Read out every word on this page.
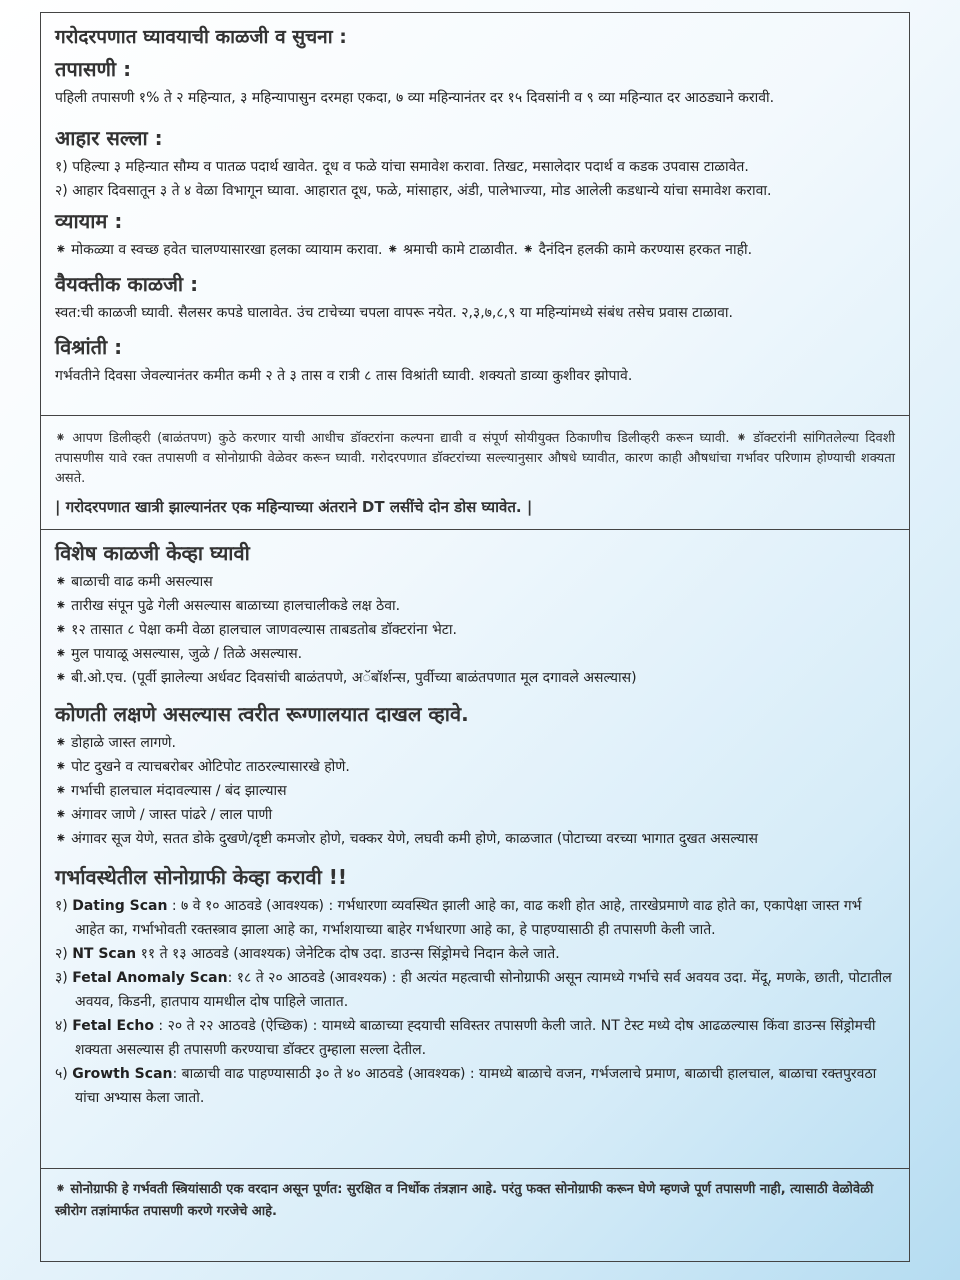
गरोदरपणात घ्यावयाची काळजी व सुचना :
तपासणी :

पहिली तपासणी १% ते २ महिन्यात, ३ महिन्यापासुन दरमहा एकदा, ७ व्या महिन्यानंतर दर १५ दिवसांनी व ९ व्या महिन्यात दर आठड्याने करावी.

आहार सल्ला :
१) पहिल्या ३ महिन्यात सौम्य व पातळ पदार्थ खावेत. दूध व फळे यांचा समावेश करावा. तिखट, मसालेदार पदार्थ व कडक उपवास टाळावेत.
२) आहार दिवसातून ३ ते ४ वेळा विभागून घ्यावा. आहारात दूध, फळे, मांसाहार, अंडी, पालेभाज्या, मोड आलेली कडधान्ये यांचा समावेश करावा.
व्यायाम :

⁕ मोकळ्या व स्वच्छ हवेत चालण्यासारखा हलका व्यायाम करावा. ⁕ श्रमाची कामे टाळावीत. ⁕ दैनंदिन हलकी कामे करण्यास हरकत नाही.

वैयक्तीक काळजी :

स्वत:ची काळजी घ्यावी. सैलसर कपडे घालावेत. उंच टाचेच्या चपला वापरू नयेत. २,३,७,८,९ या महिन्यांमध्ये संबंध तसेच प्रवास टाळावा.

विश्रांती :

गर्भवतीने दिवसा जेवल्यानंतर कमीत कमी २ ते ३ तास व रात्री ८ तास विश्रांती घ्यावी. शक्यतो डाव्या कुशीवर झोपावे.

⁕ आपण डिलीव्हरी (बाळंतपण) कुठे करणार याची आधीच डॉक्टरांना कल्पना द्यावी व संपूर्ण सोयीयुक्त ठिकाणीच डिलीव्हरी करून घ्यावी. ⁕ डॉक्टरांनी सांगितलेल्या दिवशी तपासणीस यावे रक्त तपासणी व सोनोग्राफी वेळेवर करून घ्यावी. गरोदरपणात डॉक्टरांच्या सल्ल्यानुसार औषधे घ्यावीत, कारण काही औषधांचा गर्भावर परिणाम होण्याची शक्यता असते.
| गरोदरपणात खात्री झाल्यानंतर एक महिन्याच्या अंतराने DT लसींचे दोन डोस घ्यावेत. |
विशेष काळजी केव्हा घ्यावी
⁕ बाळाची वाढ कमी असल्यास
⁕ तारीख संपून पुढे गेली असल्यास बाळाच्या हालचालीकडे लक्ष ठेवा.
⁕ १२ तासात ८ पेक्षा कमी वेळा हालचाल जाणवल्यास ताबडतोब डॉक्टरांना भेटा.
⁕ मुल पायाळू असल्यास, जुळे / तिळे असल्यास.
⁕ बी.ओ.एच. (पूर्वी झालेल्या अर्धवट दिवसांची बाळंतपणे, अॅबॉर्शन्स, पुर्वीच्या बाळंतपणात मूल दगावले असल्यास)
कोणती लक्षणे असल्यास त्वरीत रूग्णालयात दाखल व्हावे.
⁕ डोहाळे जास्त लागणे.
⁕ पोट दुखने व त्याचबरोबर ओटिपोट ताठरल्यासारखे होणे.
⁕ गर्भाची हालचाल मंदावल्यास / बंद झाल्यास
⁕ अंगावर जाणे / जास्त पांढरे / लाल पाणी
⁕ अंगावर सूज येणे, सतत डोके दुखणे/दृष्टी कमजोर होणे, चक्कर येणे, लघवी कमी होणे, काळजात (पोटाच्या वरच्या भागात दुखत असल्यास
गर्भावस्थेतील सोनोग्राफी केव्हा करावी !!
१) Dating Scan : ७ वे १० आठवडे (आवश्यक) : गर्भधारणा व्यवस्थित झाली आहे का, वाढ कशी होत आहे, तारखेप्रमाणे वाढ होते का, एकापेक्षा जास्त गर्भ आहेत का, गर्भाभोवती रक्तस्त्राव झाला आहे का, गर्भाशयाच्या बाहेर गर्भधारणा आहे का, हे पाहण्यासाठी ही तपासणी केली जाते.
२) NT Scan ११ ते १३ आठवडे (आवश्यक) जेनेटिक दोष उदा. डाउन्स सिंड्रोमचे निदान केले जाते.
३) Fetal Anomaly Scan: १८ ते २० आठवडे (आवश्यक) : ही अत्यंत महत्वाची सोनोग्राफी असून त्यामध्ये गर्भाचे सर्व अवयव उदा. मेंदू, मणके, छाती, पोटातील अवयव, किडनी, हातपाय यामधील दोष पाहिले जातात.
४) Fetal Echo : २० ते २२ आठवडे (ऐच्छिक) : यामध्ये बाळाच्या ह्दयाची सविस्तर तपासणी केली जाते. NT टेस्ट मध्ये दोष आढळल्यास किंवा डाउन्स सिंड्रोमची शक्यता असल्यास ही तपासणी करण्याचा डॉक्टर तुम्हाला सल्ला देतील.
५) Growth Scan: बाळाची वाढ पाहण्यासाठी ३० ते ४० आठवडे (आवश्यक) : यामध्ये बाळाचे वजन, गर्भजलाचे प्रमाण, बाळाची हालचाल, बाळाचा रक्तपुरवठा यांचा अभ्यास केला जातो.
⁕ सोनोग्राफी हे गर्भवती स्त्रियांसाठी एक वरदान असून पूर्णत: सुरक्षित व निर्धोक तंत्रज्ञान आहे. परंतु फक्त सोनोग्राफी करून घेणे म्हणजे पूर्ण तपासणी नाही, त्यासाठी वेळोवेळी स्त्रीरोग तज्ञांमार्फत तपासणी करणे गरजेचे आहे.
